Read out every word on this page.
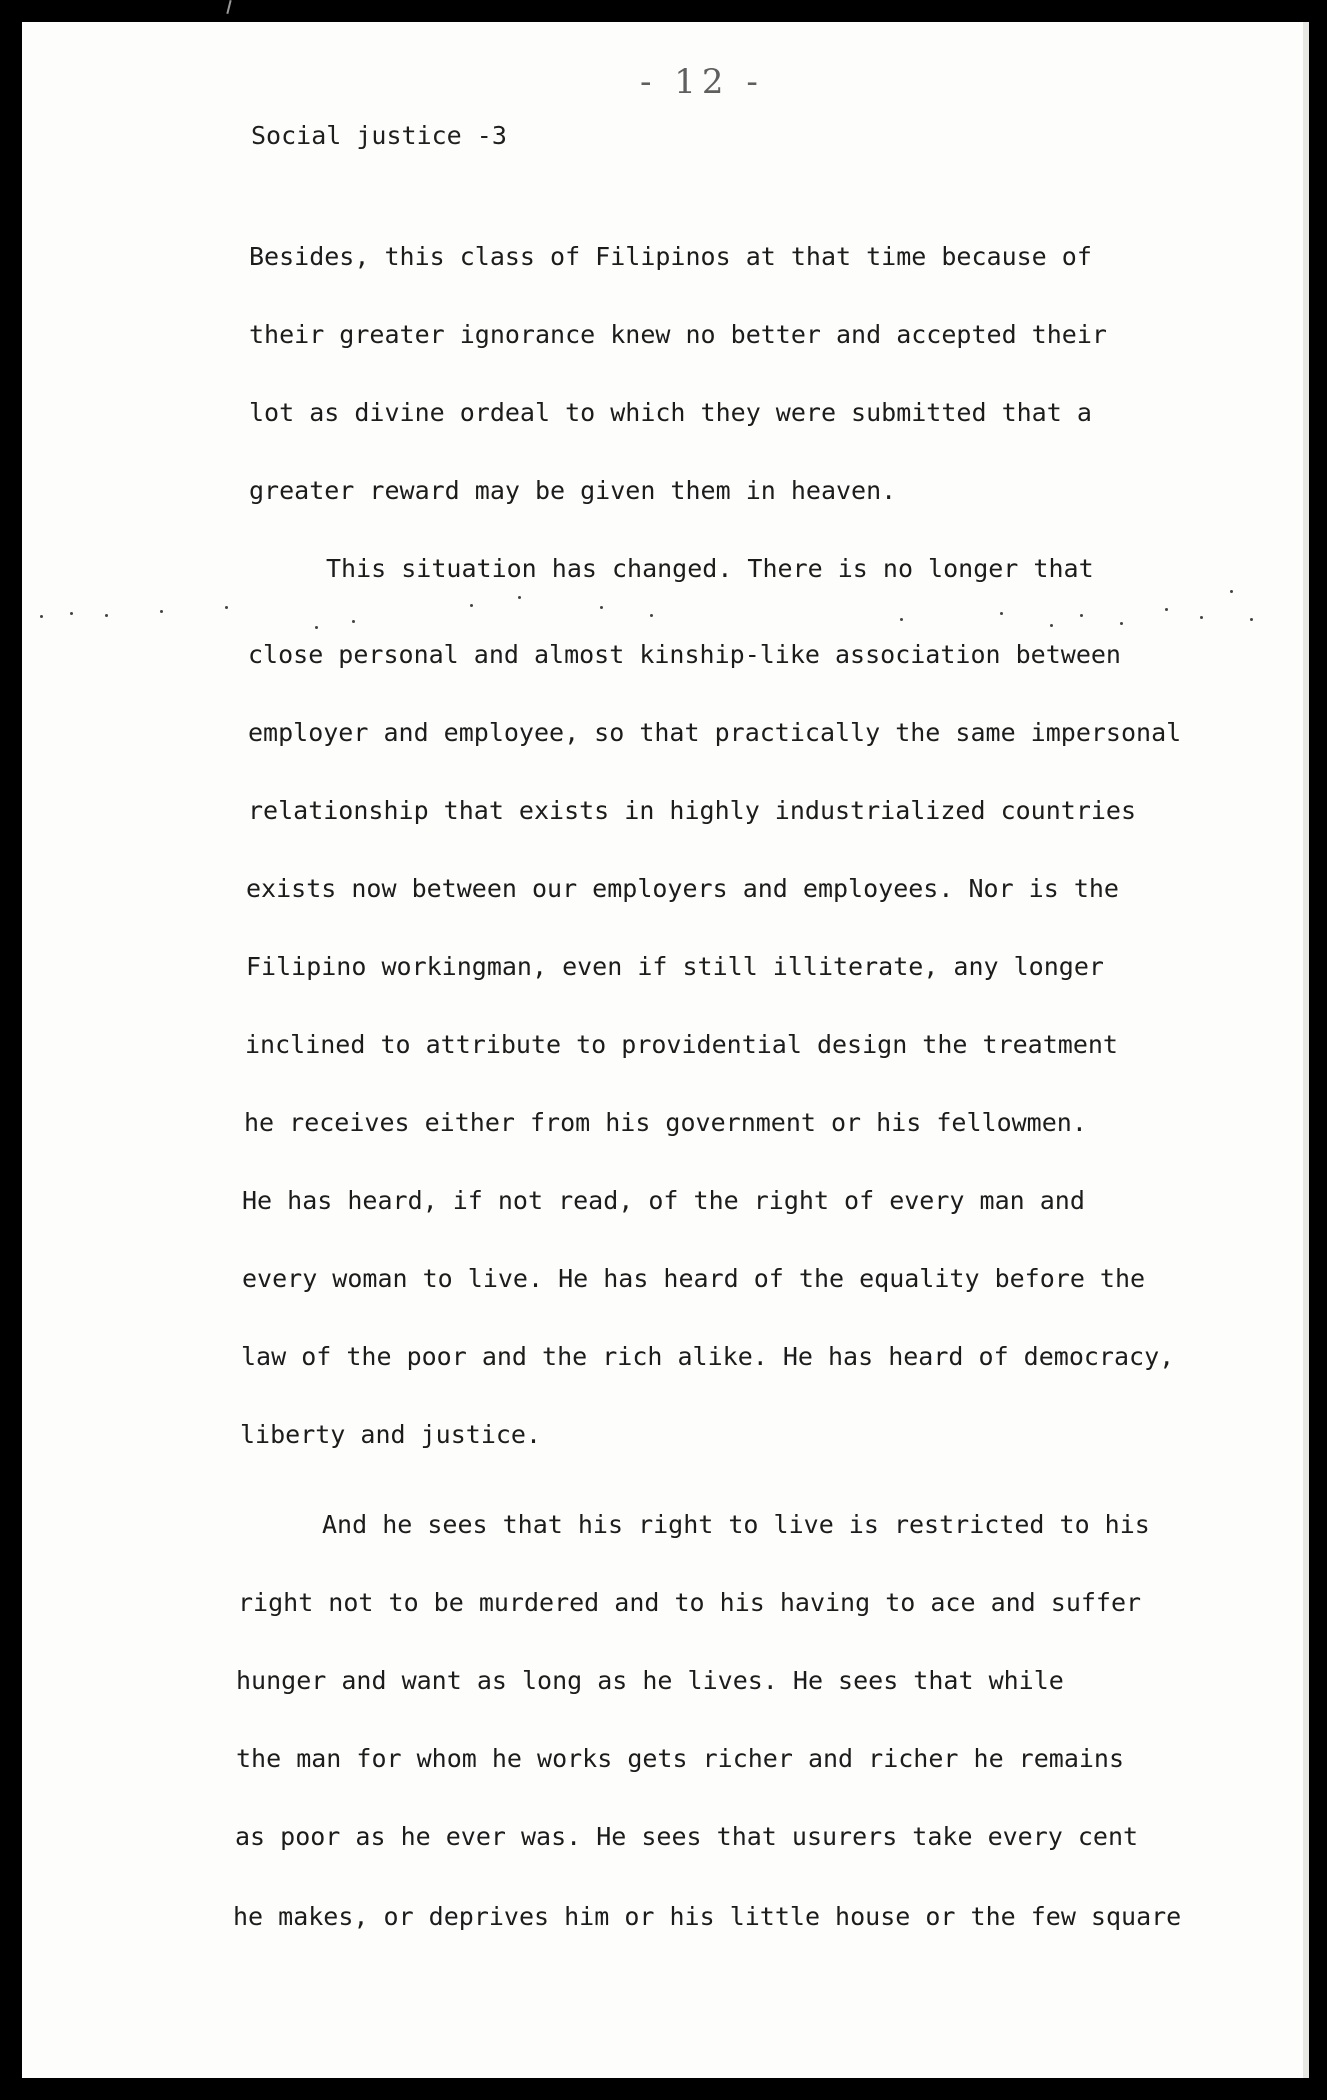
- 12 -
Social justice -3
Besides, this class of Filipinos at that time because of
their greater ignorance knew no better and accepted their
lot as divine ordeal to which they were submitted that a
greater reward may be given them in heaven.
This situation has changed. There is no longer that
close personal and almost kinship-like association between
employer and employee, so that practically the same impersonal
relationship that exists in highly industrialized countries
exists now between our employers and employees. Nor is the
Filipino workingman, even if still illiterate, any longer
inclined to attribute to providential design the treatment
he receives either from his government or his fellowmen.
He has heard, if not read, of the right of every man and
every woman to live. He has heard of the equality before the
law of the poor and the rich alike. He has heard of democracy,
liberty and justice.
And he sees that his right to live is restricted to his
right not to be murdered and to his having to ace and suffer
hunger and want as long as he lives. He sees that while
the man for whom he works gets richer and richer he remains
as poor as he ever was. He sees that usurers take every cent
he makes, or deprives him or his little house or the few square
